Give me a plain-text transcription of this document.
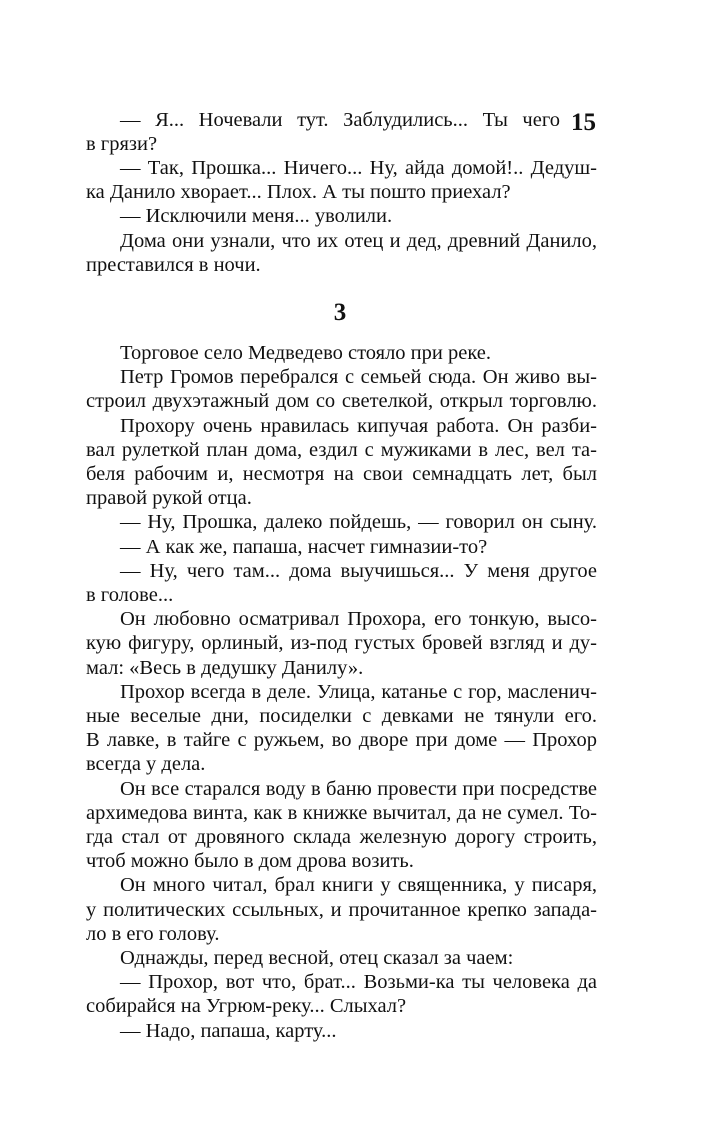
15
— Я... Ночевали тут. Заблудились... Ты чего
в грязи?
— Так, Прошка... Ничего... Ну, айда домой!.. Дедуш-
ка Данило хворает... Плох. А ты пошто приехал?
— Исключили меня... уволили.
Дома они узнали, что их отец и дед, древний Данило,
преставился в ночи.
3
Торговое село Медведево стояло при реке.
Петр Громов перебрался с семьей сюда. Он живо вы-
строил двухэтажный дом со светелкой, открыл торговлю.
Прохору очень нравилась кипучая работа. Он разби-
вал рулеткой план дома, ездил с мужиками в лес, вел та-
беля рабочим и, несмотря на свои семнадцать лет, был
правой рукой отца.
— Ну, Прошка, далеко пойдешь, — говорил он сыну.
— А как же, папаша, насчет гимназии-то?
— Ну, чего там... дома выучишься... У меня другое
в голове...
Он любовно осматривал Прохора, его тонкую, высо-
кую фигуру, орлиный, из-под густых бровей взгляд и ду-
мал: «Весь в дедушку Данилу».
Прохор всегда в деле. Улица, катанье с гор, масленич-
ные веселые дни, посиделки с девками не тянули его.
В лавке, в тайге с ружьем, во дворе при доме — Прохор
всегда у дела.
Он все старался воду в баню провести при посредстве
архимедова винта, как в книжке вычитал, да не сумел. То-
гда стал от дровяного склада железную дорогу строить,
чтоб можно было в дом дрова возить.
Он много читал, брал книги у священника, у писаря,
у политических ссыльных, и прочитанное крепко запада-
ло в его голову.
Однажды, перед весной, отец сказал за чаем:
— Прохор, вот что, брат... Возьми-ка ты человека да
собирайся на Угрюм-реку... Слыхал?
— Надо, папаша, карту...
